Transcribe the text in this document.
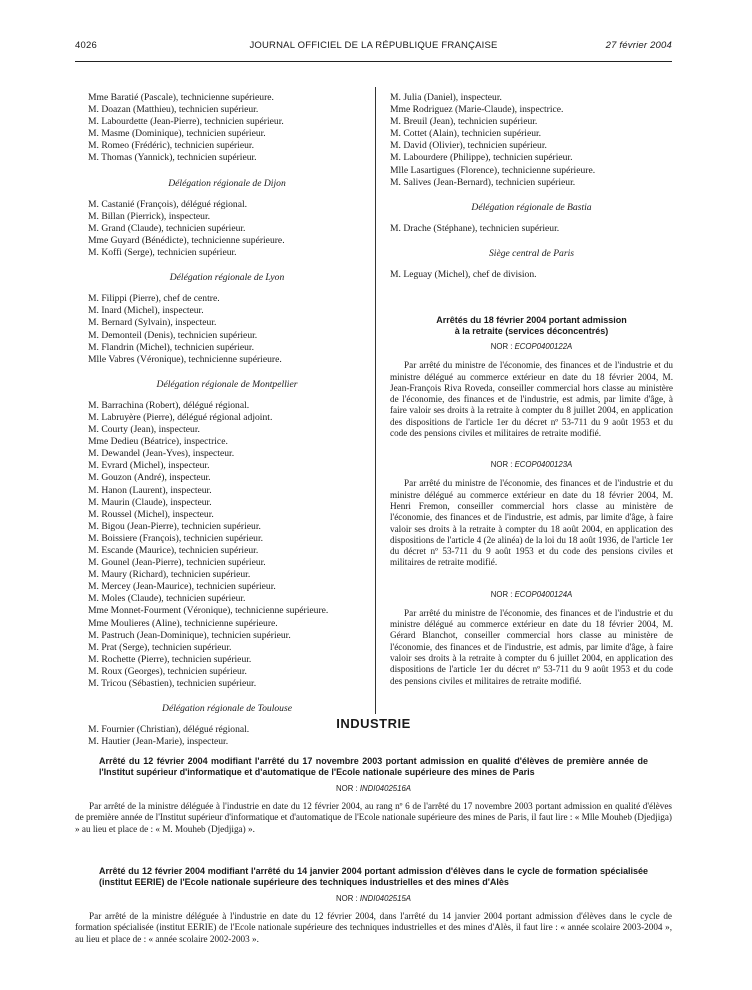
4026	JOURNAL OFFICIEL DE LA RÉPUBLIQUE FRANÇAISE	27 février 2004
Mme Baratié (Pascale), technicienne supérieure.
M. Doazan (Matthieu), technicien supérieur.
M. Labourdette (Jean-Pierre), technicien supérieur.
M. Masme (Dominique), technicien supérieur.
M. Romeo (Frédéric), technicien supérieur.
M. Thomas (Yannick), technicien supérieur.
Délégation régionale de Dijon
M. Castanié (François), délégué régional.
M. Billan (Pierrick), inspecteur.
M. Grand (Claude), technicien supérieur.
Mme Guyard (Bénédicte), technicienne supérieure.
M. Koffi (Serge), technicien supérieur.
Délégation régionale de Lyon
M. Filippi (Pierre), chef de centre.
M. Inard (Michel), inspecteur.
M. Bernard (Sylvain), inspecteur.
M. Demonteil (Denis), technicien supérieur.
M. Flandrin (Michel), technicien supérieur.
Mlle Vabres (Véronique), technicienne supérieure.
Délégation régionale de Montpellier
M. Barrachina (Robert), délégué régional.
M. Labruyère (Pierre), délégué régional adjoint.
M. Courty (Jean), inspecteur.
Mme Dedieu (Béatrice), inspectrice.
M. Dewandel (Jean-Yves), inspecteur.
M. Evrard (Michel), inspecteur.
M. Gouzon (André), inspecteur.
M. Hanon (Laurent), inspecteur.
M. Maurin (Claude), inspecteur.
M. Roussel (Michel), inspecteur.
M. Bigou (Jean-Pierre), technicien supérieur.
M. Boissiere (François), technicien supérieur.
M. Escande (Maurice), technicien supérieur.
M. Gounel (Jean-Pierre), technicien supérieur.
M. Maury (Richard), technicien supérieur.
M. Mercey (Jean-Maurice), technicien supérieur.
M. Moles (Claude), technicien supérieur.
Mme Monnet-Fourment (Véronique), technicienne supérieure.
Mme Moulieres (Aline), technicienne supérieure.
M. Pastruch (Jean-Dominique), technicien supérieur.
M. Prat (Serge), technicien supérieur.
M. Rochette (Pierre), technicien supérieur.
M. Roux (Georges), technicien supérieur.
M. Tricou (Sébastien), technicien supérieur.
Délégation régionale de Toulouse
M. Fournier (Christian), délégué régional.
M. Hautier (Jean-Marie), inspecteur.
M. Julia (Daniel), inspecteur.
Mme Rodriguez (Marie-Claude), inspectrice.
M. Breuil (Jean), technicien supérieur.
M. Cottet (Alain), technicien supérieur.
M. David (Olivier), technicien supérieur.
M. Labourdere (Philippe), technicien supérieur.
Mlle Lasartigues (Florence), technicienne supérieure.
M. Salives (Jean-Bernard), technicien supérieur.
Délégation régionale de Bastia
M. Drache (Stéphane), technicien supérieur.
Siège central de Paris
M. Leguay (Michel), chef de division.
Arrêtés du 18 février 2004 portant admission
à la retraite (services déconcentrés)
NOR : ECOP0400122A
Par arrêté du ministre de l'économie, des finances et de l'industrie et du ministre délégué au commerce extérieur en date du 18 février 2004, M. Jean-François Riva Roveda, conseiller commercial hors classe au ministère de l'économie, des finances et de l'industrie, est admis, par limite d'âge, à faire valoir ses droits à la retraite à compter du 8 juillet 2004, en application des dispositions de l'article 1er du décret nº 53-711 du 9 août 1953 et du code des pensions civiles et militaires de retraite modifié.
NOR : ECOP0400123A
Par arrêté du ministre de l'économie, des finances et de l'industrie et du ministre délégué au commerce extérieur en date du 18 février 2004, M. Henri Fremon, conseiller commercial hors classe au ministère de l'économie, des finances et de l'industrie, est admis, par limite d'âge, à faire valoir ses droits à la retraite à compter du 18 août 2004, en application des dispositions de l'article 4 (2e alinéa) de la loi du 18 août 1936, de l'article 1er du décret nº 53-711 du 9 août 1953 et du code des pensions civiles et militaires de retraite modifié.
NOR : ECOP0400124A
Par arrêté du ministre de l'économie, des finances et de l'industrie et du ministre délégué au commerce extérieur en date du 18 février 2004, M. Gérard Blanchot, conseiller commercial hors classe au ministère de l'économie, des finances et de l'industrie, est admis, par limite d'âge, à faire valoir ses droits à la retraite à compter du 6 juillet 2004, en application des dispositions de l'article 1er du décret nº 53-711 du 9 août 1953 et du code des pensions civiles et militaires de retraite modifié.
INDUSTRIE
Arrêté du 12 février 2004 modifiant l'arrêté du 17 novembre 2003 portant admission en qualité d'élèves de première année de l'Institut supérieur d'informatique et d'automatique de l'Ecole nationale supérieure des mines de Paris
NOR : INDI0402516A
Par arrêté de la ministre déléguée à l'industrie en date du 12 février 2004, au rang nº 6 de l'arrêté du 17 novembre 2003 portant admission en qualité d'élèves de première année de l'Institut supérieur d'informatique et d'automatique de l'Ecole nationale supérieure des mines de Paris, il faut lire : « Mlle Mouheb (Djedjiga) » au lieu et place de : « M. Mouheb (Djedjiga) ».
Arrêté du 12 février 2004 modifiant l'arrêté du 14 janvier 2004 portant admission d'élèves dans le cycle de formation spécialisée (institut EERIE) de l'Ecole nationale supérieure des techniques industrielles et des mines d'Alès
NOR : INDI0402515A
Par arrêté de la ministre déléguée à l'industrie en date du 12 février 2004, dans l'arrêté du 14 janvier 2004 portant admission d'élèves dans le cycle de formation spécialisée (institut EERIE) de l'Ecole nationale supérieure des techniques industrielles et des mines d'Alès, il faut lire : « année scolaire 2003-2004 », au lieu et place de : « année scolaire 2002-2003 ».
